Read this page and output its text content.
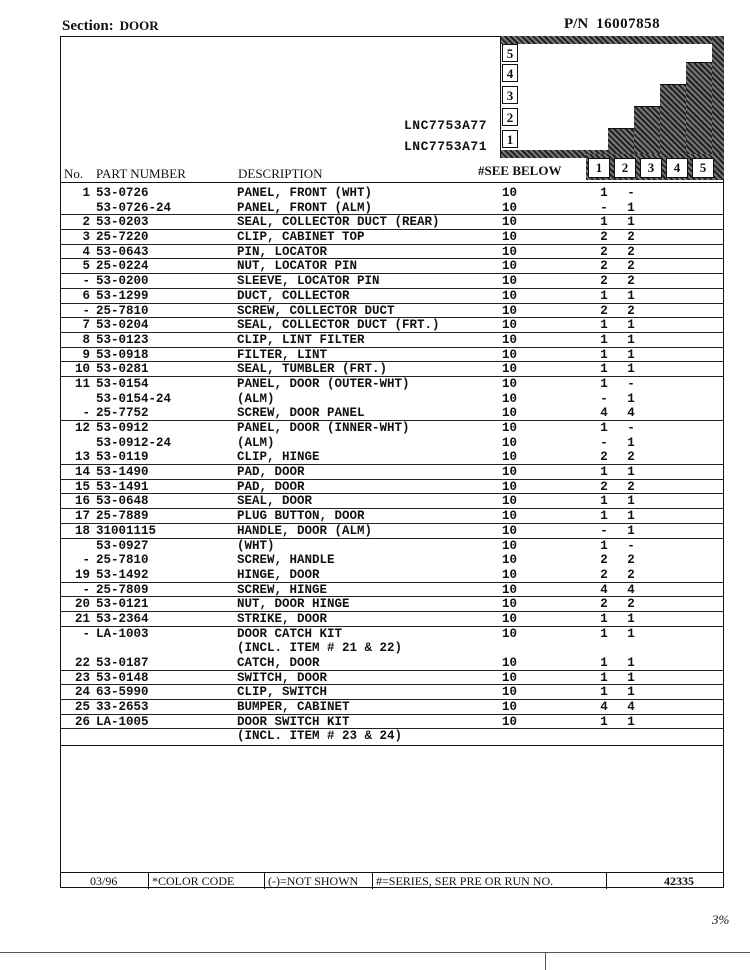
Section: DOOR	P/N 16007858
5
4
3
2
1
LNC7753A77
LNC7753A71
No. PART NUMBER	DESCRIPTION	#SEE BELOW	1	2	3	4	5
1 53-0726	PANEL, FRONT (WHT)	10	1 -
53-0726-24	PANEL, FRONT (ALM)	10	- 1
2 53-0203	SEAL, COLLECTOR DUCT (REAR)	10	1 1
3 25-7220	CLIP, CABINET TOP	10	2 2
4 53-0643	PIN, LOCATOR	10	2 2
5 25-0224	NUT, LOCATOR PIN	10	2 2
- 53-0200	SLEEVE, LOCATOR PIN	10	2 2
6 53-1299	DUCT, COLLECTOR	10	1 1
- 25-7810	SCREW, COLLECTOR DUCT	10	2 2
7 53-0204	SEAL, COLLECTOR DUCT (FRT.)	10	1 1
8 53-0123	CLIP, LINT FILTER	10	1 1
9 53-0918	FILTER, LINT	10	1 1
10 53-0281	SEAL, TUMBLER (FRT.)	10	1 1
11 53-0154	PANEL, DOOR (OUTER-WHT)	10	1 -
53-0154-24	(ALM)	10	- 1
- 25-7752	SCREW, DOOR PANEL	10	4 4
12 53-0912	PANEL, DOOR (INNER-WHT)	10	1 -
53-0912-24	(ALM)	10	- 1
13 53-0119	CLIP, HINGE	10	2 2
14 53-1490	PAD, DOOR	10	1 1
15 53-1491	PAD, DOOR	10	2 2
16 53-0648	SEAL, DOOR	10	1 1
17 25-7889	PLUG BUTTON, DOOR	10	1 1
18 31001115	HANDLE, DOOR (ALM)	10	- 1
53-0927	(WHT)	10	1 -
- 25-7810	SCREW, HANDLE	10	2 2
19 53-1492	HINGE, DOOR	10	2 2
- 25-7809	SCREW, HINGE	10	4 4
20 53-0121	NUT, DOOR HINGE	10	2 2
21 53-2364	STRIKE, DOOR	10	1 1
- LA-1003	DOOR CATCH KIT	10	1 1
(INCL. ITEM # 21 & 22)
22 53-0187	CATCH, DOOR	10	1 1
23 53-0148	SWITCH, DOOR	10	1 1
24 63-5990	CLIP, SWITCH	10	1 1
25 33-2653	BUMPER, CABINET	10	4 4
26 LA-1005	DOOR SWITCH KIT	10	1 1
(INCL. ITEM # 23 & 24)
03/96	*COLOR CODE	(-)=NOT SHOWN #=SERIES, SER PRE OR RUN NO.	42335
3%
